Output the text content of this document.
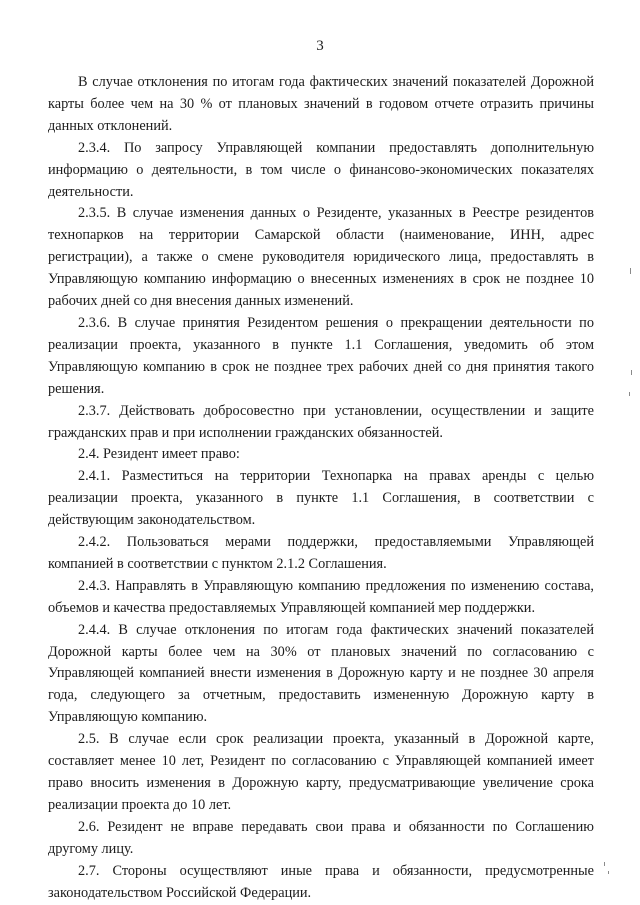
3

В случае отклонения по итогам года фактических значений показателей Дорожной карты более чем на 30 % от плановых значений в годовом отчете отразить причины данных отклонений.

2.3.4. По запросу Управляющей компании предоставлять дополнительную информацию о деятельности, в том числе о финансово-экономических показателях деятельности.

2.3.5. В случае изменения данных о Резиденте, указанных в Реестре резидентов технопарков на территории Самарской области (наименование, ИНН, адрес регистрации), а также о смене руководителя юридического лица, предоставлять в Управляющую компанию информацию о внесенных изменениях в срок не позднее 10 рабочих дней со дня внесения данных изменений.

2.3.6. В случае принятия Резидентом решения о прекращении деятельности по реализации проекта, указанного в пункте 1.1 Соглашения, уведомить об этом Управляющую компанию в срок не позднее трех рабочих дней со дня принятия такого решения.

2.3.7. Действовать добросовестно при установлении, осуществлении и защите гражданских прав и при исполнении гражданских обязанностей.

2.4. Резидент имеет право:

2.4.1. Разместиться на территории Технопарка на правах аренды с целью реализации проекта, указанного в пункте 1.1 Соглашения, в соответствии с действующим законодательством.

2.4.2. Пользоваться мерами поддержки, предоставляемыми Управляющей компанией в соответствии с пунктом 2.1.2 Соглашения.

2.4.3. Направлять в Управляющую компанию предложения по изменению состава, объемов и качества предоставляемых Управляющей компанией мер поддержки.

2.4.4. В случае отклонения по итогам года фактических значений показателей Дорожной карты более чем на 30% от плановых значений по согласованию с Управляющей компанией внести изменения в Дорожную карту и не позднее 30 апреля года, следующего за отчетным, предоставить измененную Дорожную карту в Управляющую компанию.

2.5. В случае если срок реализации проекта, указанный в Дорожной карте, составляет менее 10 лет, Резидент по согласованию с Управляющей компанией имеет право вносить изменения в Дорожную карту, предусматривающие увеличение срока реализации проекта до 10 лет.

2.6. Резидент не вправе передавать свои права и обязанности по Соглашению другому лицу.

2.7. Стороны осуществляют иные права и обязанности, предусмотренные законодательством Российской Федерации.
